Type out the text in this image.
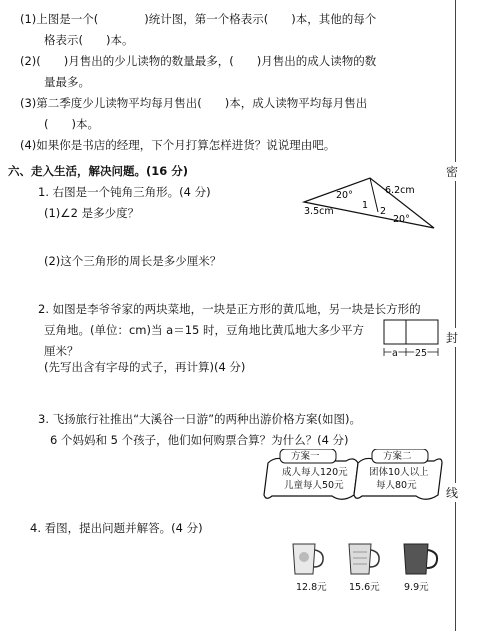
密
封
线
(1)上图是一个(　　　　)统计图，第一个格表示(　　)本，其他的每个
格表示(　　)本。
(2)(　　)月售出的少儿读物的数量最多，(　　)月售出的成人读物的数
量最多。
(3)第二季度少儿读物平均每月售出(　　)本，成人读物平均每月售出
(　　)本。
(4)如果你是书店的经理，下个月打算怎样进货？说说理由吧。
六、走入生活，解决问题。(16 分)
1. 右图是一个钝角三角形。(4 分)
(1)∠2 是多少度？
(2)这个三角形的周长是多少厘米？
20°
20°
1
2
6.2cm
3.5cm
2. 如图是李爷爷家的两块菜地，一块是正方形的黄瓜地，另一块是长方形的
豆角地。(单位：cm)当 a＝15 时，豆角地比黄瓜地大多少平方
厘米？
(先写出含有字母的式子，再计算)(4 分)
a 25
3. 飞扬旅行社推出“大溪谷一日游”的两种出游价格方案(如图)。
6 个妈妈和 5 个孩子，他们如何购票合算？为什么？(4 分)
方案一
成人每人120元
儿童每人50元
方案二
团体10人以上
每人80元
4. 看图，提出问题并解答。(4 分)
12.8元 15.6元	9.9元
